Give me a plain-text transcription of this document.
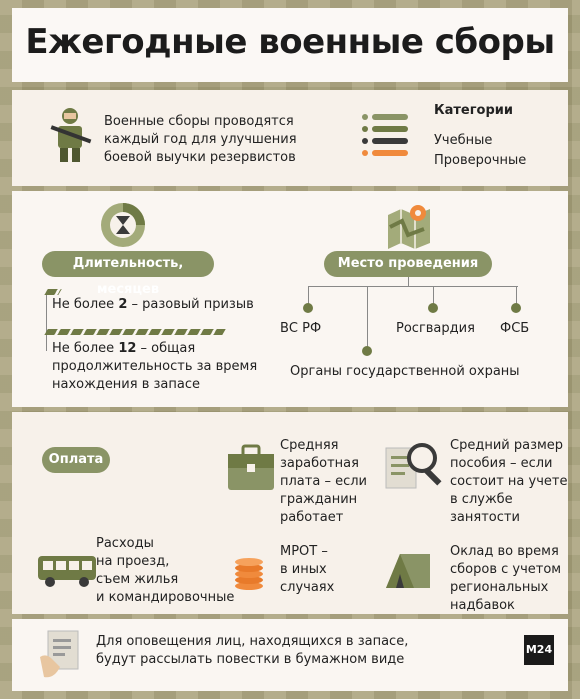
Ежегодные военные сборы
Военные сборы проводятся
каждый год для улучшения
боевой выучки резервистов
Категории
Учебные
Проверочные
Длительность, месяцев
Не более 2 – разовый призыв
Не более 12 – общая
продолжительность за время
нахождения в запасе
Место проведения
ВС РФ	Росгвардия ФСБ
Органы государственной охраны
Оплата
Средняя
заработная
плата – если
гражданин
работает
Средний размер
пособия – если
состоит на учете
в службе
занятости
Расходы
на проезд,
съем жилья
и командировочные
МРОТ –
в иных
случаях
Оклад во время
сборов с учетом
региональных
надбавок
Для оповещения лиц, находящихся в запасе,
будут рассылать повестки в бумажном виде
М24
